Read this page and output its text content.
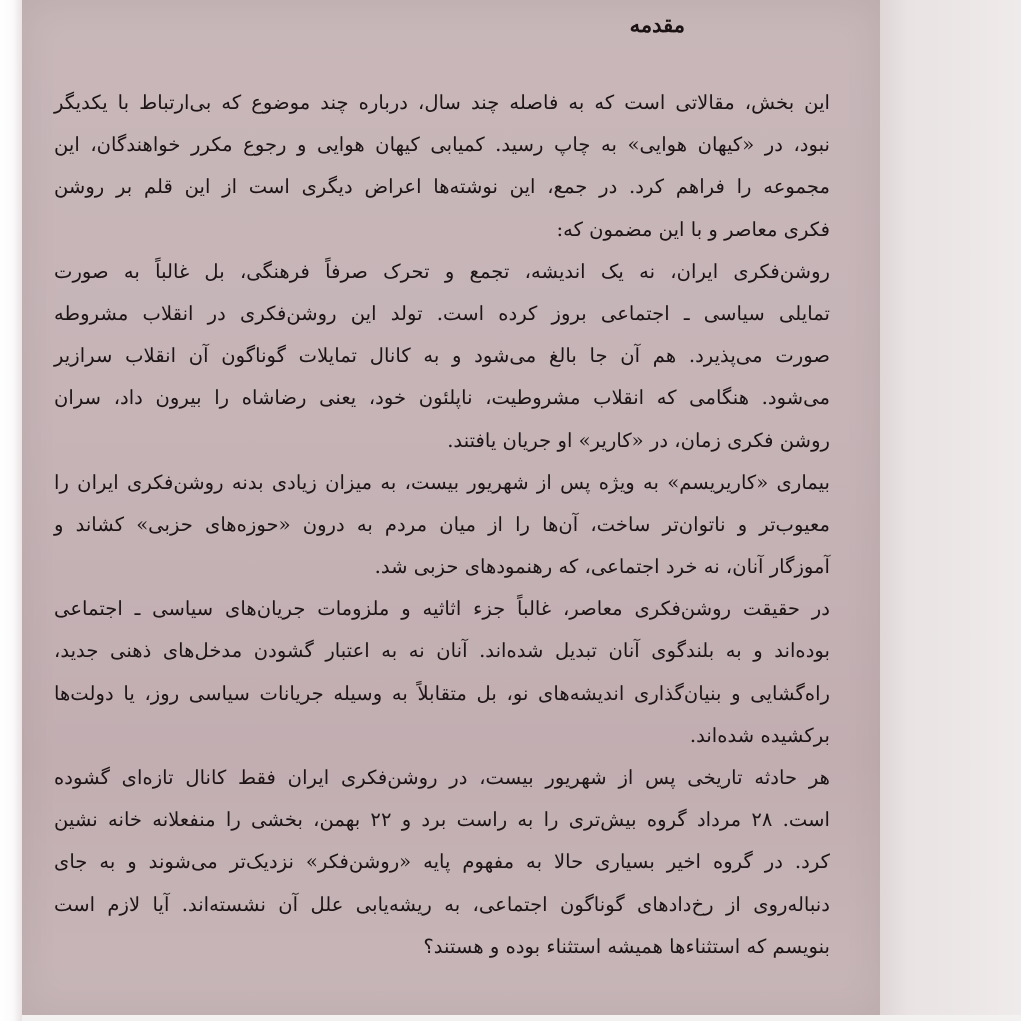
مقدمه
این بخش، مقالاتی است که به فاصله چند سال، درباره چند موضوع که بی‌ارتباط با یکدیگر
نبود، در «کیهان هوایی» به چاپ رسید. کمیابی کیهان هوایی و رجوع مکرر خواهندگان، این
مجموعه را فراهم کرد. در جمع، این نوشته‌ها اعراض دیگری است از این قلم بر روشن
فکری معاصر و با این مضمون که:
روشن‌فکری ایران، نه یک اندیشه، تجمع و تحرک صرفاً فرهنگی، بل غالباً به صورت
تمایلی سیاسی ـ اجتماعی بروز کرده است. تولد این روشن‌فکری در انقلاب مشروطه
صورت می‌پذیرد. هم آن جا بالغ می‌شود و به کانال تمایلات گوناگون آن انقلاب سرازیر
می‌شود. هنگامی که انقلاب مشروطیت، ناپلئون خود، یعنی رضاشاه را بیرون داد، سران
روشن فکری زمان، در «کاریر» او جریان یافتند.
بیماری «کاریریسم» به ویژه پس از شهریور بیست، به میزان زیادی بدنه روشن‌فکری ایران را
معیوب‌تر و ناتوان‌تر ساخت، آن‌ها را از میان مردم به درون «حوزه‌های حزبی» کشاند و
آموزگار آنان، نه خرد اجتماعی، که رهنمودهای حزبی شد.
در حقیقت روشن‌فکری معاصر، غالباً جزء اثاثیه و ملزومات جریان‌های سیاسی ـ اجتماعی
بوده‌اند و به بلندگوی آنان تبدیل شده‌اند. آنان نه به اعتبار گشودن مدخل‌های ذهنی جدید،
راه‌گشایی و بنیان‌گذاری اندیشه‌های نو، بل متقابلاً به وسیله جریانات سیاسی روز، یا دولت‌ها
برکشیده شده‌اند.
هر حادثه تاریخی پس از شهریور بیست، در روشن‌فکری ایران فقط کانال تازه‌ای گشوده
است. ۲۸ مرداد گروه بیش‌تری را به راست برد و ۲۲ بهمن، بخشی را منفعلانه خانه نشین
کرد. در گروه اخیر بسیاری حالا به مفهوم پایه «روشن‌فکر» نزدیک‌تر می‌شوند و به جای
دنباله‌روی از رخ‌دادهای گوناگون اجتماعی، به ریشه‌یابی علل آن نشسته‌اند. آیا لازم است
بنویسم که استثناءها همیشه استثناء بوده و هستند؟
